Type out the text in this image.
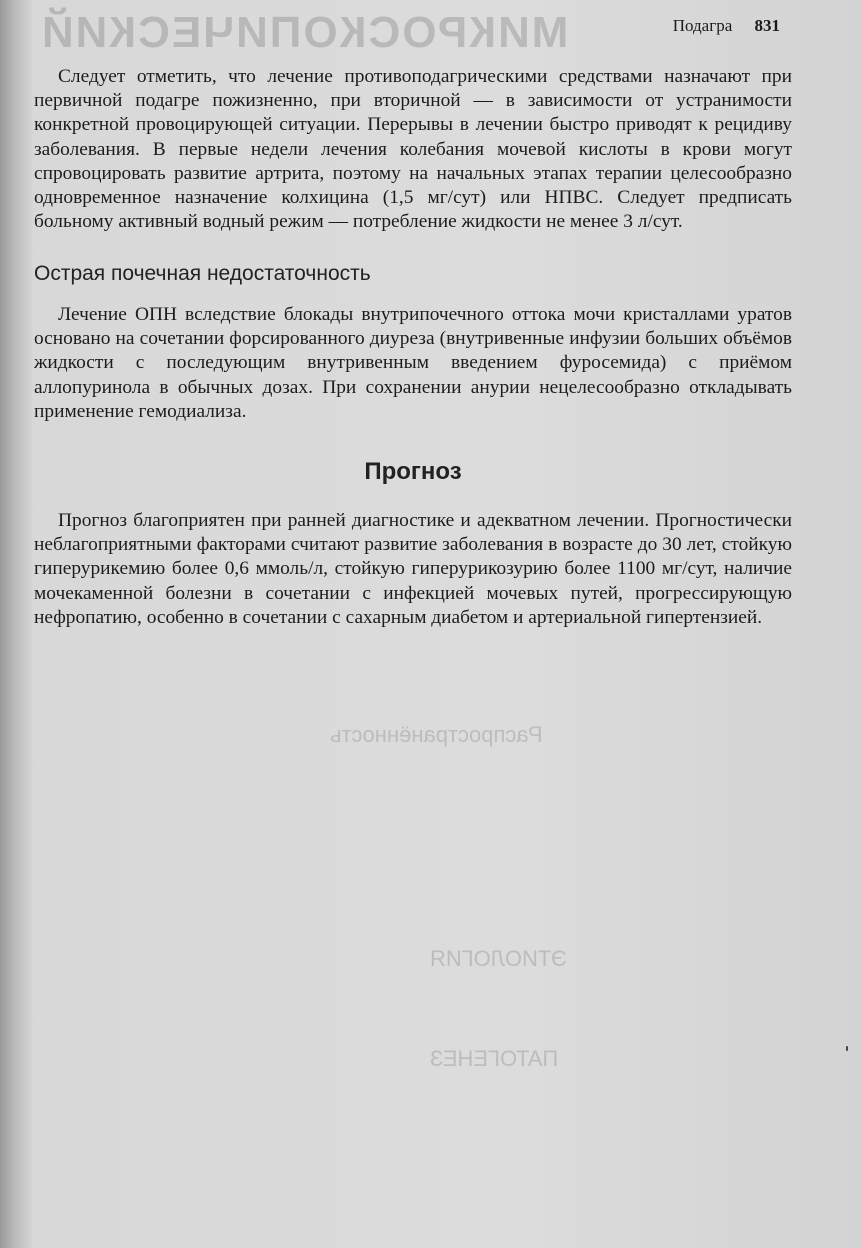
МИКРОСКОПИЧЕСКИЙ
Распространённость
ЭТИОЛОГИЯ
ПАТОГЕНЕЗ
Подагра 831

Следует отметить, что лечение противоподагрическими средствами назначают при первичной подагре пожизненно, при вторичной — в зависимости от устранимости конкретной провоцирующей ситуации. Перерывы в лечении быстро приводят к рецидиву заболевания. В первые недели лечения колебания мочевой кислоты в крови могут спровоцировать развитие артрита, поэтому на начальных этапах терапии целесообразно одновременное назначение колхицина (1,5 мг/сут) или НПВС. Следует предписать больному активный водный режим — потребление жидкости не менее 3 л/сут.

Острая почечная недостаточность

Лечение ОПН вследствие блокады внутрипочечного оттока мочи кристаллами уратов основано на сочетании форсированного диуреза (внутривенные инфузии больших объёмов жидкости с последующим внутривенным введением фуросемида) с приёмом аллопуринола в обычных дозах. При сохранении анурии нецелесообразно откладывать применение гемодиализа.

Прогноз

Прогноз благоприятен при ранней диагностике и адекватном лечении. Прогностически неблагоприятными факторами считают развитие заболевания в возрасте до 30 лет, стойкую гиперурикемию более 0,6 ммоль/л, стойкую гиперурикозурию более 1100 мг/сут, наличие мочекаменной болезни в сочетании с инфекцией мочевых путей, прогрессирующую нефропатию, особенно в сочетании с сахарным диабетом и артериальной гипертензией.
